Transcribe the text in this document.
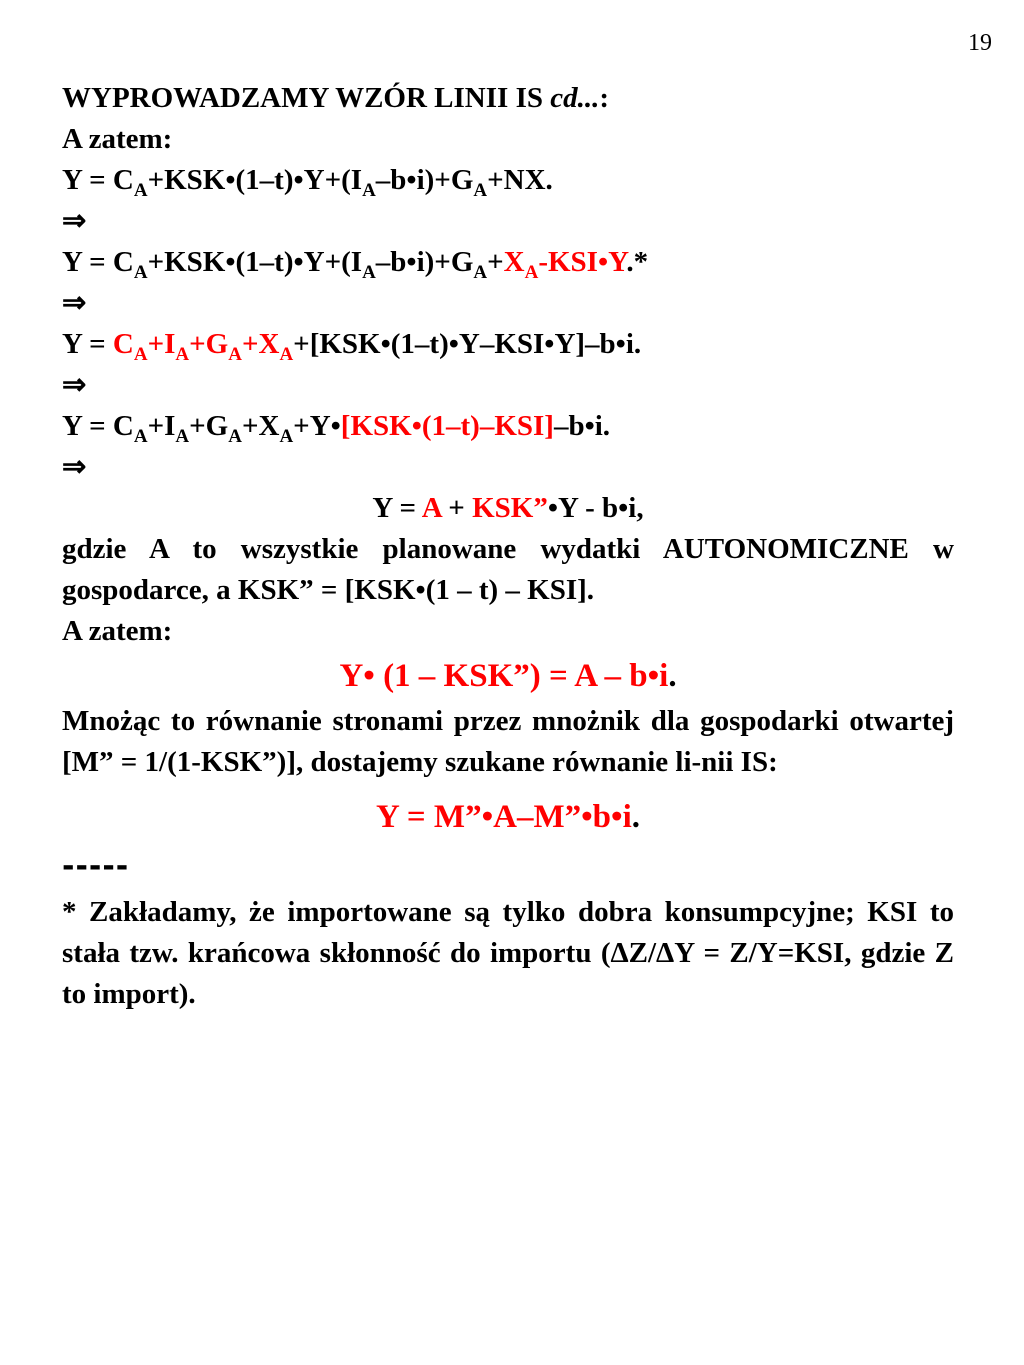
19
WYPROWADZAMY WZÓR LINII IS cd...:
A zatem:
$Y = C_A+KSK•(1-t)•Y+(I_A-b•i)+G_A+NX$.
⇒
$Y = C_A+KSK•(1-t)•Y+(I_A-b•i)+G_A+X_A-KSI•Y.*$
⇒
$Y = C_A+I_A+G_A+X_A+[KSK•(1-t)•Y-KSI•Y]-b•i$.
⇒
$Y = C_A+I_A+G_A+X_A+Y•[KSK•(1-t)-KSI]-b•i$.
⇒
Y = A + KSK”•Y - b•i,
gdzie A to wszystkie planowane wydatki AUTONOMICZNE w gospodarce, a KSK” = [KSK•(1 – t) – KSI].
A zatem:
Y• (1 – KSK”) = A – b•i.
Mnożąc to równanie stronami przez mnożnik dla gospodarki otwartej [M” = 1/(1-KSK”)], dostajemy szukane równanie li-nii IS:
Y = M”•A–M”•b•i.
-----
* Zakładamy, że importowane są tylko dobra konsumpcyjne; KSI to stała tzw. krańcowa skłonność do importu (ΔZ/ΔY = Z/Y=KSI, gdzie Z to import).
